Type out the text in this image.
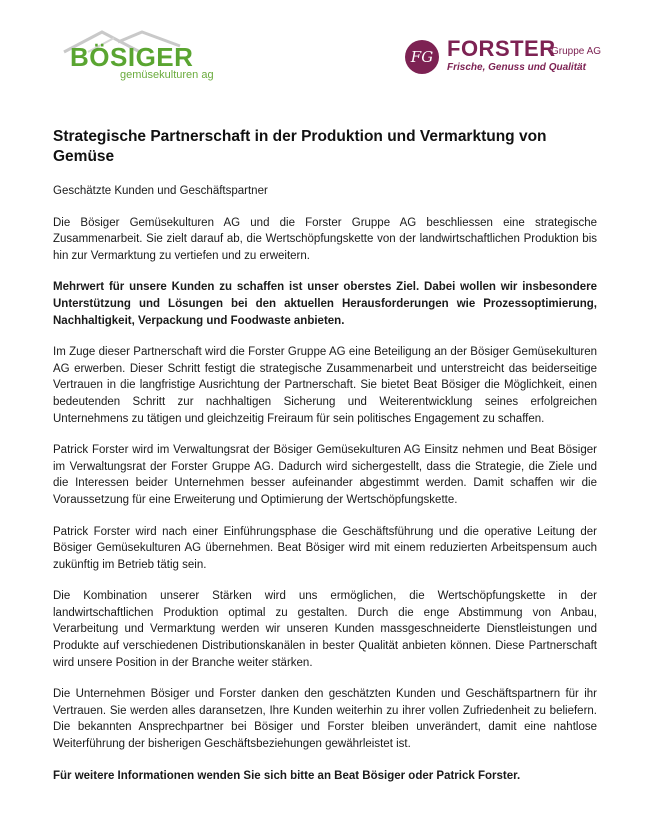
BÖSIGER
gemüsekulturen ag
FG FORSTER
Gruppe AG
Frische, Genuss und Qualität
Strategische Partnerschaft in der Produktion und Vermarktung von Gemüse

Geschätzte Kunden und Geschäftspartner

Die Bösiger Gemüsekulturen AG und die Forster Gruppe AG beschliessen eine strategische Zusammenarbeit. Sie zielt darauf ab, die Wertschöpfungskette von der landwirtschaftlichen Produktion bis hin zur Vermarktung zu vertiefen und zu erweitern.

Mehrwert für unsere Kunden zu schaffen ist unser oberstes Ziel. Dabei wollen wir insbesondere Unterstützung und Lösungen bei den aktuellen Herausforderungen wie Prozessoptimierung, Nachhaltigkeit, Verpackung und Foodwaste anbieten.

Im Zuge dieser Partnerschaft wird die Forster Gruppe AG eine Beteiligung an der Bösiger Gemüsekulturen AG erwerben. Dieser Schritt festigt die strategische Zusammenarbeit und unterstreicht das beiderseitige Vertrauen in die langfristige Ausrichtung der Partnerschaft. Sie bietet Beat Bösiger die Möglichkeit, einen bedeutenden Schritt zur nachhaltigen Sicherung und Weiterentwicklung seines erfolgreichen Unternehmens zu tätigen und gleichzeitig Freiraum für sein politisches Engagement zu schaffen.

Patrick Forster wird im Verwaltungsrat der Bösiger Gemüsekulturen AG Einsitz nehmen und Beat Bösiger im Verwaltungsrat der Forster Gruppe AG. Dadurch wird sichergestellt, dass die Strategie, die Ziele und die Interessen beider Unternehmen besser aufeinander abgestimmt werden. Damit schaffen wir die Voraussetzung für eine Erweiterung und Optimierung der Wertschöpfungskette.

Patrick Forster wird nach einer Einführungsphase die Geschäftsführung und die operative Leitung der Bösiger Gemüsekulturen AG übernehmen. Beat Bösiger wird mit einem reduzierten Arbeitspensum auch zukünftig im Betrieb tätig sein.

Die Kombination unserer Stärken wird uns ermöglichen, die Wertschöpfungskette in der landwirtschaftlichen Produktion optimal zu gestalten. Durch die enge Abstimmung von Anbau, Verarbeitung und Vermarktung werden wir unseren Kunden massgeschneiderte Dienstleistungen und Produkte auf verschiedenen Distributionskanälen in bester Qualität anbieten können. Diese Partnerschaft wird unsere Position in der Branche weiter stärken.

Die Unternehmen Bösiger und Forster danken den geschätzten Kunden und Geschäftspartnern für ihr Vertrauen. Sie werden alles daransetzen, Ihre Kunden weiterhin zu ihrer vollen Zufriedenheit zu beliefern. Die bekannten Ansprechpartner bei Bösiger und Forster bleiben unverändert, damit eine nahtlose Weiterführung der bisherigen Geschäftsbeziehungen gewährleistet ist.

Für weitere Informationen wenden Sie sich bitte an Beat Bösiger oder Patrick Forster.
